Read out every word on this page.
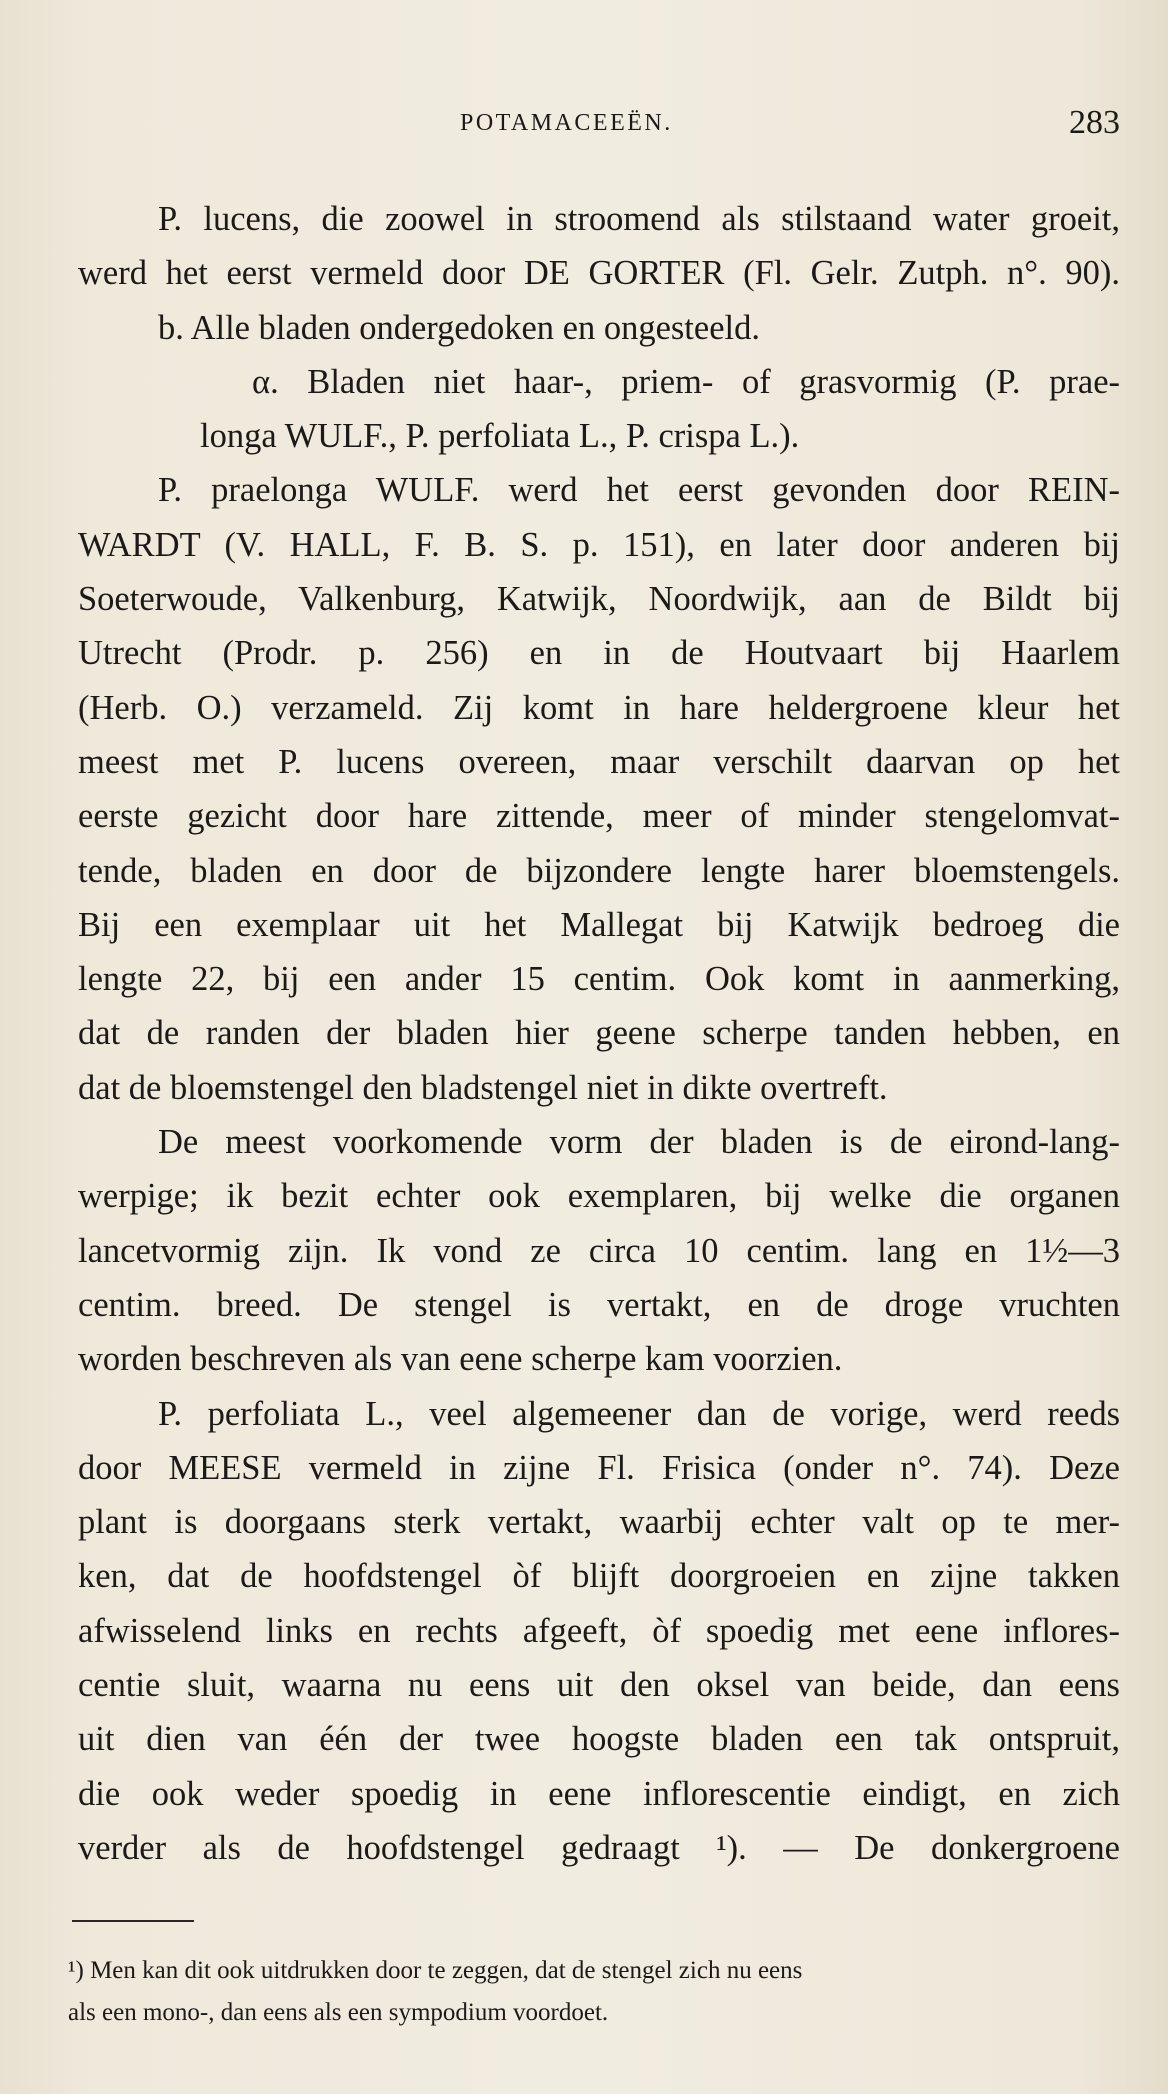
POTAMACEEËN.	283
P. lucens, die zoowel in stroomend als stilstaand water groeit,
werd het eerst vermeld door DE GORTER (Fl. Gelr. Zutph. n°. 90).
b. Alle bladen ondergedoken en ongesteeld.
α. Bladen niet haar-, priem- of grasvormig (P. prae-
longa WULF., P. perfoliata L., P. crispa L.).
P. praelonga WULF. werd het eerst gevonden door REIN-
WARDT (V. HALL, F. B. S. p. 151), en later door anderen bij
Soeterwoude, Valkenburg, Katwijk, Noordwijk, aan de Bildt bij
Utrecht (Prodr. p. 256) en in de Houtvaart bij Haarlem
(Herb. O.) verzameld. Zij komt in hare heldergroene kleur het
meest met P. lucens overeen, maar verschilt daarvan op het
eerste gezicht door hare zittende, meer of minder stengelomvat-
tende, bladen en door de bijzondere lengte harer bloemstengels.
Bij een exemplaar uit het Mallegat bij Katwijk bedroeg die
lengte 22, bij een ander 15 centim. Ook komt in aanmerking,
dat de randen der bladen hier geene scherpe tanden hebben, en
dat de bloemstengel den bladstengel niet in dikte overtreft.
De meest voorkomende vorm der bladen is de eirond-lang-
werpige; ik bezit echter ook exemplaren, bij welke die organen
lancetvormig zijn. Ik vond ze circa 10 centim. lang en 1½—3
centim. breed. De stengel is vertakt, en de droge vruchten
worden beschreven als van eene scherpe kam voorzien.
P. perfoliata L., veel algemeener dan de vorige, werd reeds
door MEESE vermeld in zijne Fl. Frisica (onder n°. 74). Deze
plant is doorgaans sterk vertakt, waarbij echter valt op te mer-
ken, dat de hoofdstengel òf blijft doorgroeien en zijne takken
afwisselend links en rechts afgeeft, òf spoedig met eene inflores-
centie sluit, waarna nu eens uit den oksel van beide, dan eens
uit dien van één der twee hoogste bladen een tak ontspruit,
die ook weder spoedig in eene inflorescentie eindigt, en zich
verder als de hoofdstengel gedraagt ¹). — De donkergroene
¹) Men kan dit ook uitdrukken door te zeggen, dat de stengel zich nu eens
als een mono-, dan eens als een sympodium voordoet.
